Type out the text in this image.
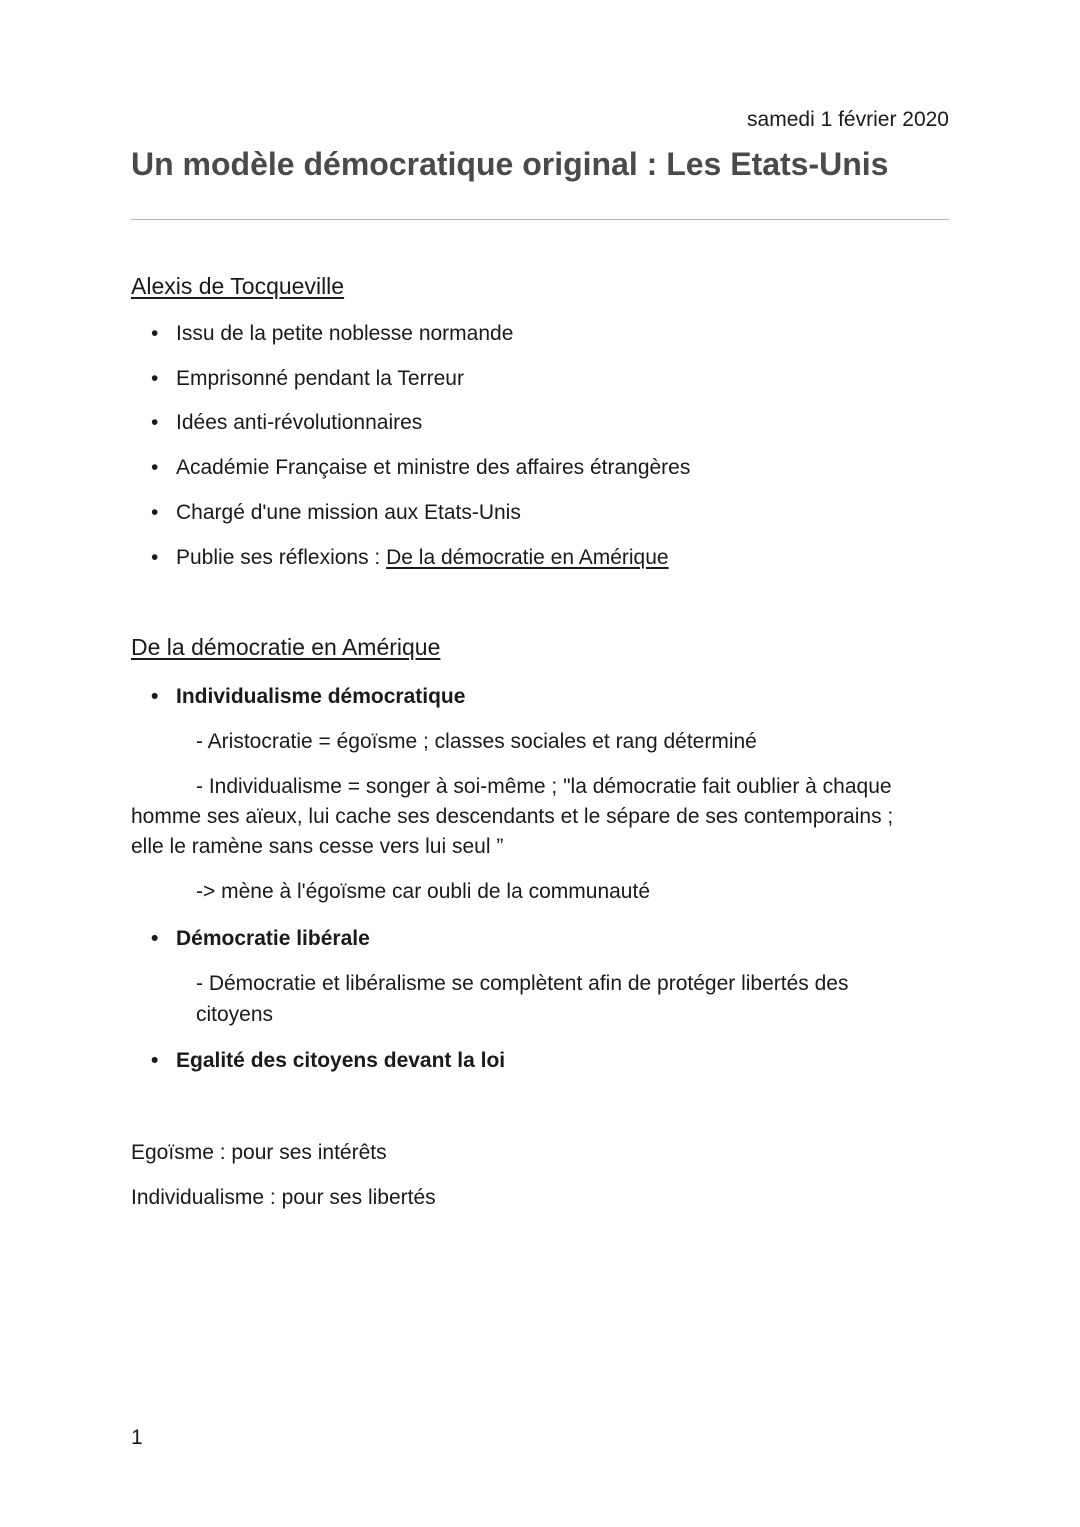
samedi 1 février 2020
Un modèle démocratique original : Les Etats-Unis
Alexis de Tocqueville
• Issu de la petite noblesse normande
• Emprisonné pendant la Terreur
• Idées anti-révolutionnaires
• Académie Française et ministre des affaires étrangères
• Chargé d'une mission aux Etats-Unis
• Publie ses réflexions : De la démocratie en Amérique
De la démocratie en Amérique
• Individualisme démocratique
- Aristocratie = égoïsme ; classes sociales et rang déterminé
- Individualisme = songer à soi-même ; "la démocratie fait oublier à chaque
homme ses aïeux, lui cache ses descendants et le sépare de ses contemporains ;
elle le ramène sans cesse vers lui seul ”
-> mène à l'égoïsme car oubli de la communauté
• Démocratie libérale
- Démocratie et libéralisme se complètent afin de protéger libertés des
citoyens
• Egalité des citoyens devant la loi
Egoïsme : pour ses intérêts
Individualisme : pour ses libertés
1
